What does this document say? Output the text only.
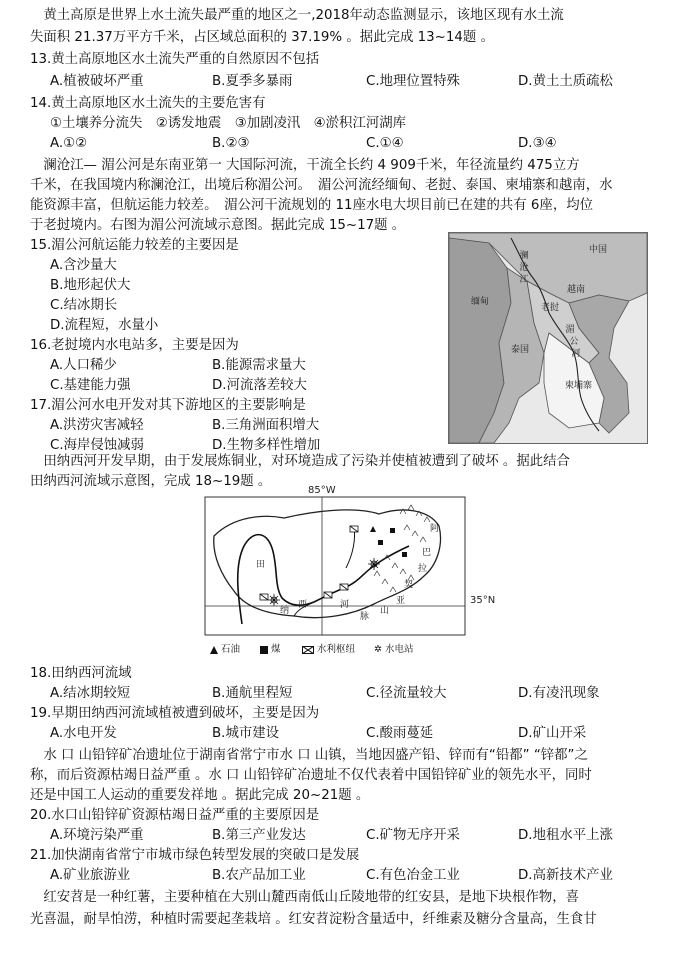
　黄土高原是世界上水土流失最严重的地区之一,2018年动态监测显示，该地区现有水土流
失面积 21.37万平方千米，占区域总面积的 37.19% 。据此完成 13~14题 。
13.黄土高原地区水土流失严重的自然原因不包括
A.植被破坏严重	B.夏季多暴雨	C.地理位置特殊	D.黄土土质疏松
14.黄土高原地区水土流失的主要危害有
①土壤养分流失　②诱发地震　③加剧凌汛　④淤积江河湖库
A.①②	B.②③	C.①④	D.③④
　澜沧江— 湄公河是东南亚第一 大国际河流，干流全长约 4 909千米，年径流量约 475立方
千米，在我国境内称澜沧江，出境后称湄公河。　湄公河流经缅甸、老挝、泰国、柬埔寨和越南，水
能资源丰富，但航运能力较差。　湄公河干流规划的 11座水电大坝目前已在建的共有 6座，均位
于老挝境内。右图为湄公河流域示意图。据此完成 15~17题 。
15.湄公河航运能力较差的主要因是
A.含沙量大
B.地形起伏大
C.结冰期长
D.流程短，水量小
16.老挝境内水电站多，主要是因为
A.人口稀少	B.能源需求量大
C.基建能力强	D.河流落差较大
17.湄公河水电开发对其下游地区的主要影响是
A.洪涝灾害减轻	B.三角洲面积增大
C.海岸侵蚀减弱	D.生物多样性增加
澜
沧
江
中国
缅甸
越南
老挝
湄
公
河
泰国
柬埔寨
　田纳西河开发早期，由于发展炼铜业，对环境造成了污染并使植被遭到了破坏 。据此结合
田纳西河流域示意图，完成 18~19题 。
85°W
35°N
田
纳
西	河
阿
巴
拉
契
亚
山
脉
石油	煤	水利枢纽 ✲ 水电站
18.田纳西河流域
A.结冰期较短	B.通航里程短	C.径流量较大	D.有凌汛现象
19.早期田纳西河流域植被遭到破坏，主要是因为
A.水电开发	B.城市建设	C.酸雨蔓延	D.矿山开采
　水 口 山铅锌矿冶遗址位于湖南省常宁市水 口 山镇，当地因盛产铅、锌而有“铅都” “锌都”之
称，而后资源枯竭日益严重 。水 口 山铅锌矿冶遗址不仅代表着中国铅锌矿业的领先水平，同时
还是中国工人运动的重要发祥地 。据此完成 20~21题 。
20.水口山铅锌矿资源枯竭日益严重的主要原因是
A.环境污染严重	B.第三产业发达	C.矿物无序开采	D.地租水平上涨
21.加快湖南省常宁市城市绿色转型发展的突破口是发展
A.矿业旅游业	B.农产品加工业	C.有色冶金工业	D.高新技术产业
　红安苕是一种红薯，主要种植在大别山麓西南低山丘陵地带的红安县，是地下块根作物，喜
光喜温，耐旱怕涝，种植时需要起垄栽培 。红安苕淀粉含量适中，纤维素及糖分含量高，生食甘
